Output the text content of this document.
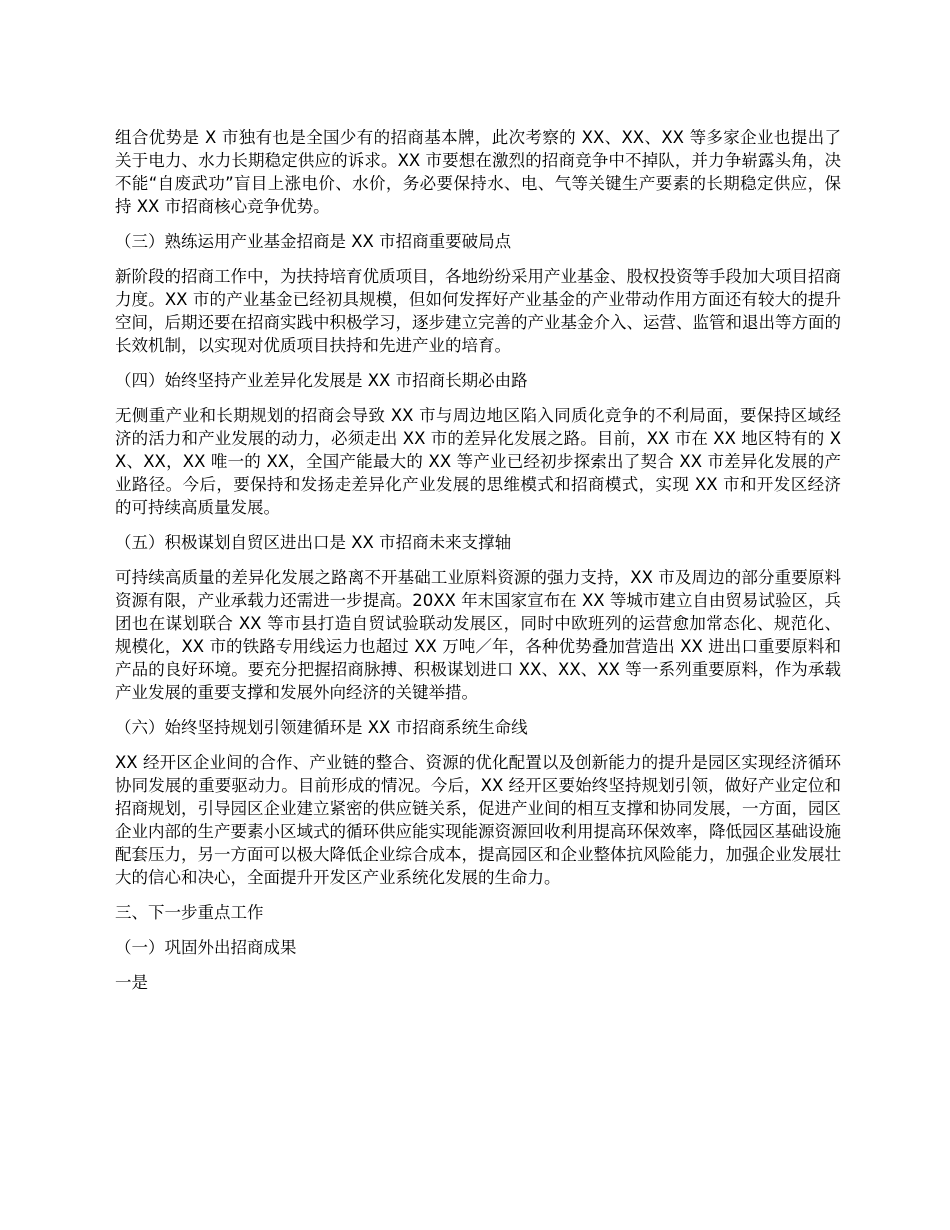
组合优势是 X 市独有也是全国少有的招商基本牌，此次考察的 XX、XX、XX 等多家企业也提出了关于电力、水力长期稳定供应的诉求。XX 市要想在激烈的招商竞争中不掉队，并力争崭露头角，决不能“自废武功”盲目上涨电价、水价，务必要保持水、电、气等关键生产要素的长期稳定供应，保持 XX 市招商核心竞争优势。

（三）熟练运用产业基金招商是 XX 市招商重要破局点

新阶段的招商工作中，为扶持培育优质项目，各地纷纷采用产业基金、股权投资等手段加大项目招商力度。XX 市的产业基金已经初具规模，但如何发挥好产业基金的产业带动作用方面还有较大的提升空间，后期还要在招商实践中积极学习，逐步建立完善的产业基金介入、运营、监管和退出等方面的长效机制，以实现对优质项目扶持和先进产业的培育。

（四）始终坚持产业差异化发展是 XX 市招商长期必由路

无侧重产业和长期规划的招商会导致 XX 市与周边地区陷入同质化竞争的不利局面，要保持区域经济的活力和产业发展的动力，必须走出 XX 市的差异化发展之路。目前，XX 市在 XX 地区特有的 XX、XX，XX 唯一的 XX，全国产能最大的 XX 等产业已经初步探索出了契合 XX 市差异化发展的产业路径。今后，要保持和发扬走差异化产业发展的思维模式和招商模式，实现 XX 市和开发区经济的可持续高质量发展。

（五）积极谋划自贸区进出口是 XX 市招商未来支撑轴

可持续高质量的差异化发展之路离不开基础工业原料资源的强力支持，XX 市及周边的部分重要原料资源有限，产业承载力还需进一步提高。20XX 年末国家宣布在 XX 等城市建立自由贸易试验区，兵团也在谋划联合 XX 等市县打造自贸试验联动发展区，同时中欧班列的运营愈加常态化、规范化、规模化，XX 市的铁路专用线运力也超过 XX 万吨／年，各种优势叠加营造出 XX 进出口重要原料和产品的良好环境。要充分把握招商脉搏、积极谋划进口 XX、XX、XX 等一系列重要原料，作为承载产业发展的重要支撑和发展外向经济的关键举措。

（六）始终坚持规划引领建循环是 XX 市招商系统生命线

XX 经开区企业间的合作、产业链的整合、资源的优化配置以及创新能力的提升是园区实现经济循环协同发展的重要驱动力。目前形成的情况。今后，XX 经开区要始终坚持规划引领，做好产业定位和招商规划，引导园区企业建立紧密的供应链关系，促进产业间的相互支撑和协同发展，一方面，园区企业内部的生产要素小区域式的循环供应能实现能源资源回收利用提高环保效率，降低园区基础设施配套压力，另一方面可以极大降低企业综合成本，提高园区和企业整体抗风险能力，加强企业发展壮大的信心和决心，全面提升开发区产业系统化发展的生命力。

三、下一步重点工作

（一）巩固外出招商成果

一是
